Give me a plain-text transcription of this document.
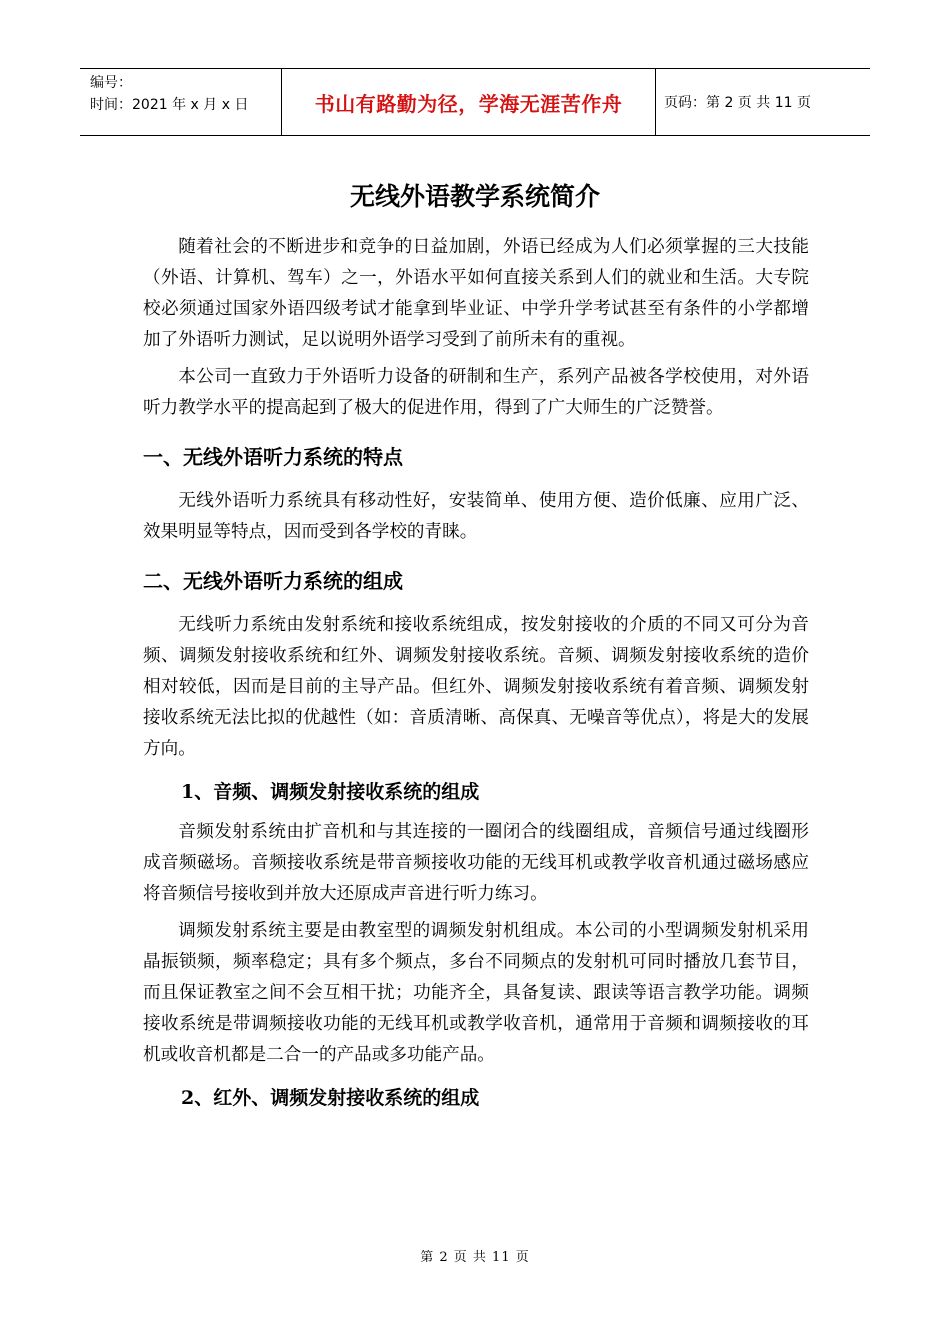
编号：
时间：2021 年 x 月 x 日	书山有路勤为径，学海无涯苦作舟	页码：第 2 页 共 11 页
无线外语教学系统简介

随着社会的不断进步和竞争的日益加剧，外语已经成为人们必须掌握的三大技能（外语、计算机、驾车）之一，外语水平如何直接关系到人们的就业和生活。大专院校必须通过国家外语四级考试才能拿到毕业证、中学升学考试甚至有条件的小学都增加了外语听力测试，足以说明外语学习受到了前所未有的重视。

本公司一直致力于外语听力设备的研制和生产，系列产品被各学校使用，对外语听力教学水平的提高起到了极大的促进作用，得到了广大师生的广泛赞誉。

一、无线外语听力系统的特点

无线外语听力系统具有移动性好，安装简单、使用方便、造价低廉、应用广泛、效果明显等特点，因而受到各学校的青睐。

二、无线外语听力系统的组成

无线听力系统由发射系统和接收系统组成，按发射接收的介质的不同又可分为音频、调频发射接收系统和红外、调频发射接收系统。音频、调频发射接收系统的造价相对较低，因而是目前的主导产品。但红外、调频发射接收系统有着音频、调频发射接收系统无法比拟的优越性（如：音质清晰、高保真、无噪音等优点），将是大的发展方向。

1、音频、调频发射接收系统的组成

音频发射系统由扩音机和与其连接的一圈闭合的线圈组成，音频信号通过线圈形成音频磁场。音频接收系统是带音频接收功能的无线耳机或教学收音机通过磁场感应将音频信号接收到并放大还原成声音进行听力练习。

调频发射系统主要是由教室型的调频发射机组成。本公司的小型调频发射机采用晶振锁频，频率稳定；具有多个频点，多台不同频点的发射机可同时播放几套节目，而且保证教室之间不会互相干扰；功能齐全，具备复读、跟读等语言教学功能。调频接收系统是带调频接收功能的无线耳机或教学收音机，通常用于音频和调频接收的耳机或收音机都是二合一的产品或多功能产品。

2、红外、调频发射接收系统的组成
第 2 页 共 11 页
